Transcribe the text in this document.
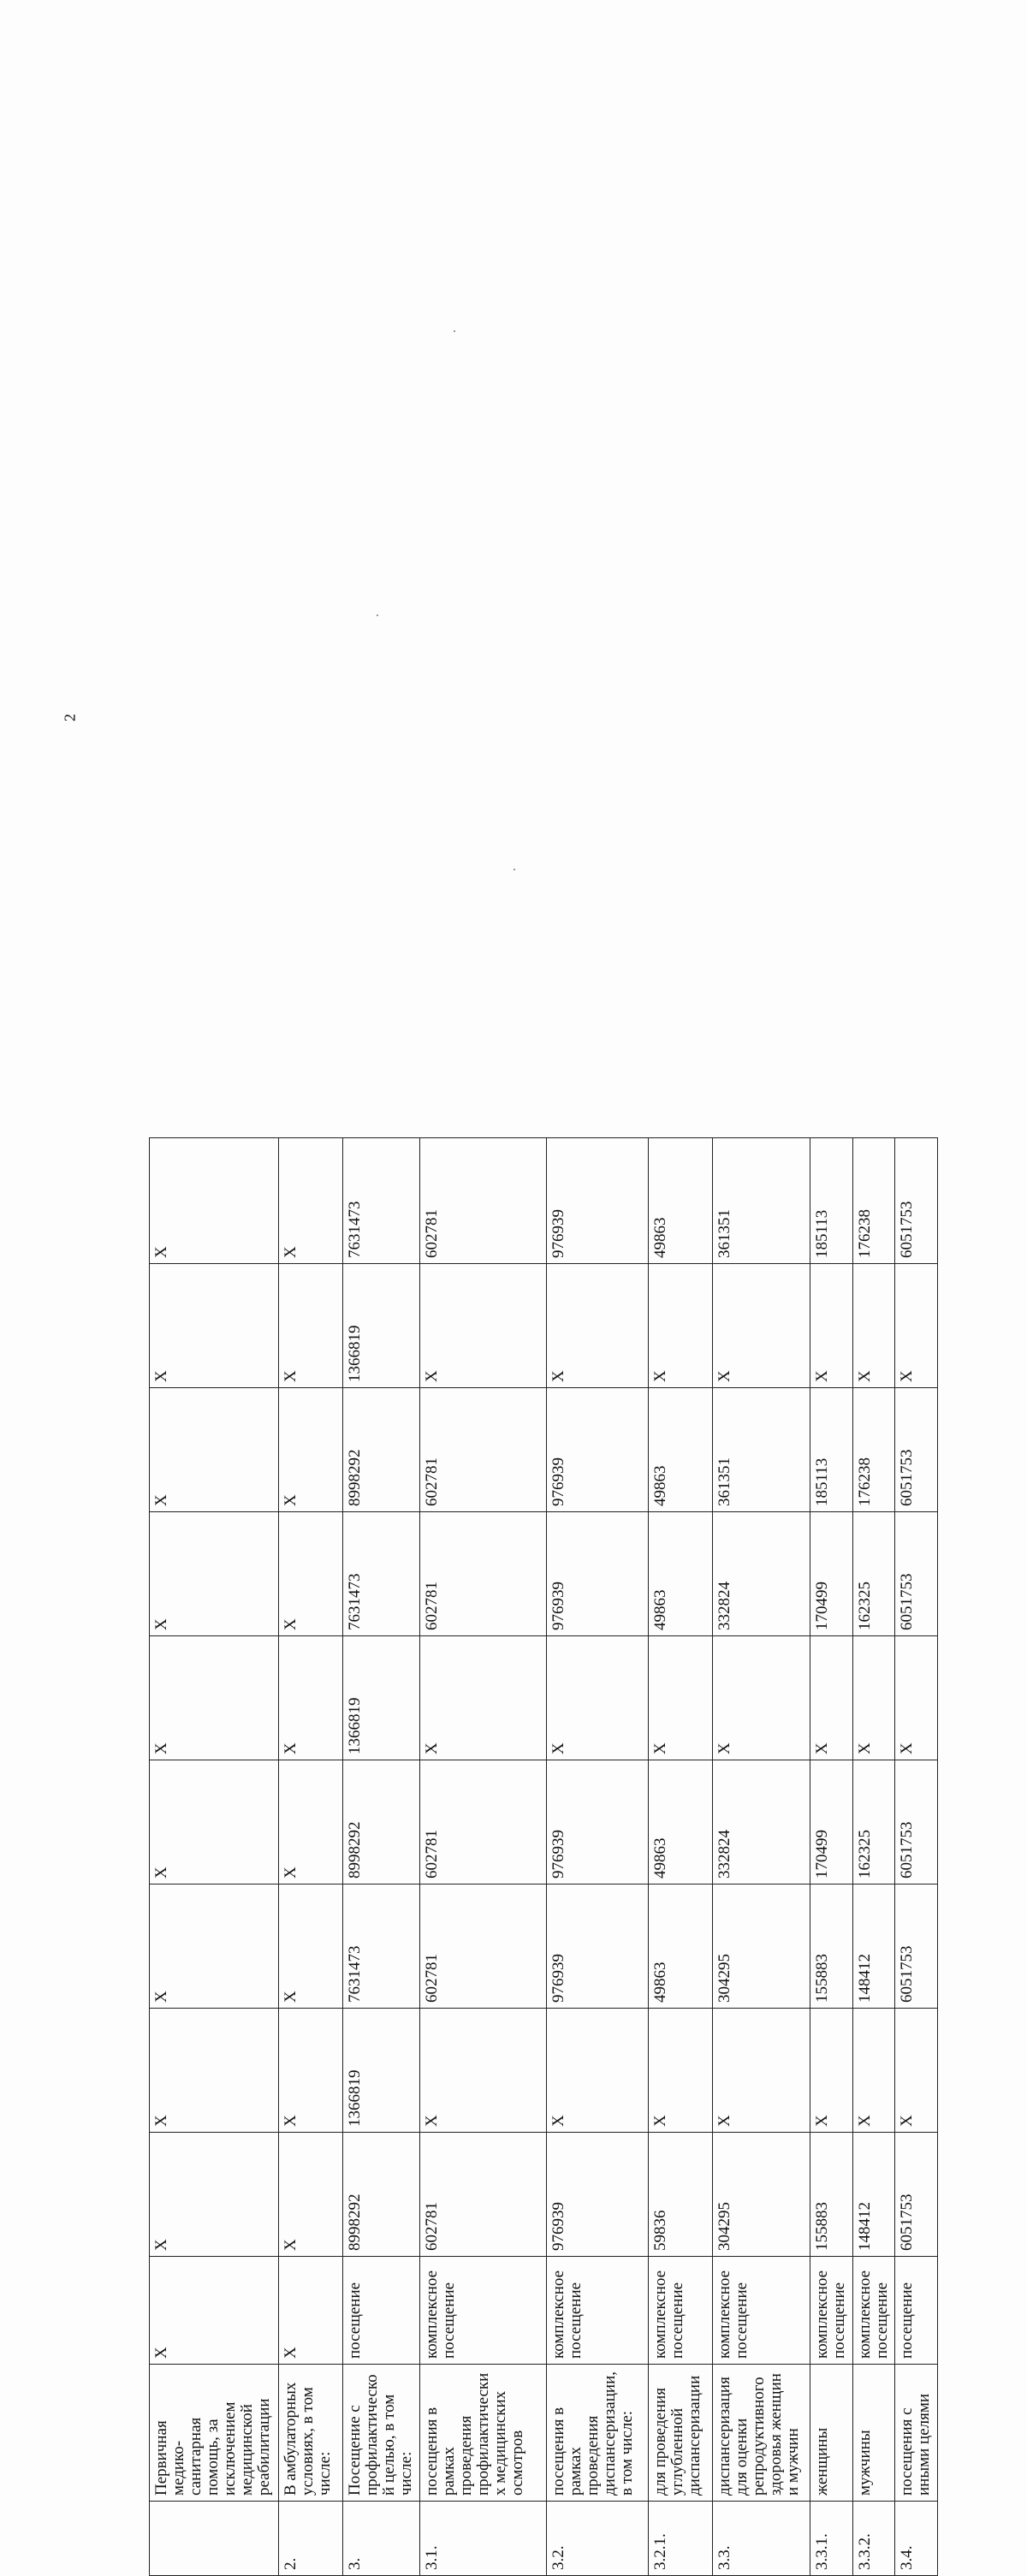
2
	Первичная медико-санитарная помощь, за исключением медицинской реабилитации	X	X	X	X	X	X	X	X	X	X
2.	В амбулаторных условиях, в том числе:	X	X	X	X	X	X	X	X	X	X
3.	Посещение с профилактической целью, в том числе:	посещение	8998292	1366819	7631473	8998292	1366819	7631473	8998292	1366819	7631473
3.1.	посещения в рамках проведения профилактических медицинских осмотров	комплексное посещение	602781	X	602781	602781	X	602781	602781	X	602781
3.2.	посещения в рамках проведения диспансеризации, в том числе:	комплексное посещение	976939	X	976939	976939	X	976939	976939	X	976939
3.2.1.	для проведения углубленной диспансеризации	комплексное посещение	59836	X	49863	49863	X	49863	49863	X	49863
3.3.	диспансеризация для оценки репродуктивного здоровья женщин и мужчин	комплексное посещение	304295	X	304295	332824	X	332824	361351	X	361351
3.3.1.	женщины	комплексное посещение	155883	X	155883	170499	X	170499	185113	X	185113
3.3.2.	мужчины	комплексное посещение	148412	X	148412	162325	X	162325	176238	X	176238
3.4.	посещения с иными целями	посещение	6051753	X	6051753	6051753	X	6051753	6051753	X	6051753
